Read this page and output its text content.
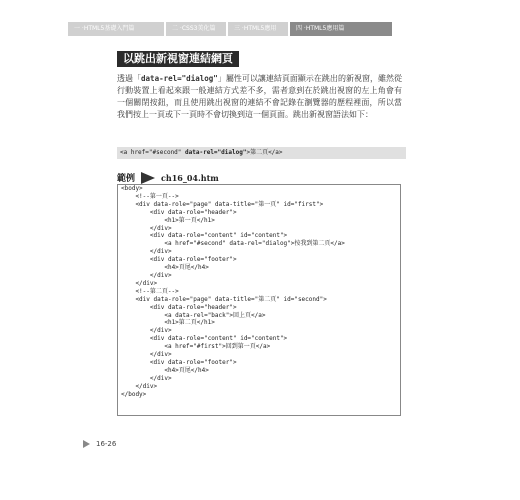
一 ·HTML5基礎入門篇	二 ·CSS3美化篇	三 ·HTML5應用	四 ·HTML5應用篇
以跳出新視窗連結網頁
透過「data-rel="dialog"」屬性可以讓連結頁面顯示在跳出的新視窗，雖然從行動裝置上看起來跟一般連結方式差不多，需者意到在於跳出視窗的左上角會有一個關閉按鈕，而且使用跳出視窗的連結不會記錄在瀏覽器的歷程裡面，所以當我們按上一頁或下一頁時不會切換到這一個頁面。跳出新視窗語法如下：
<a href="#second" data-rel="dialog">第二頁</a>
範例	ch16_04.htm
<body>
<!--第一頁-->
<div data-role="page" data-title="第一頁" id="first">
<div data-role="header">
<h1>第一頁</h1>
</div>
<div data-role="content" id="content">
<a href="#second" data-rel="dialog">按我到第二頁</a>
</div>
<div data-role="footer">
<h4>頁尾</h4>
</div>
</div>
<!--第二頁-->
<div data-role="page" data-title="第二頁" id="second">
<div data-role="header">
<a data-rel="back">回上頁</a>
<h1>第二頁</h1>
</div>
<div data-role="content" id="content">
<a href="#first">回到第一頁</a>
</div>
<div data-role="footer">
<h4>頁尾</h4>
</div>
</div>
</body>
16-26
